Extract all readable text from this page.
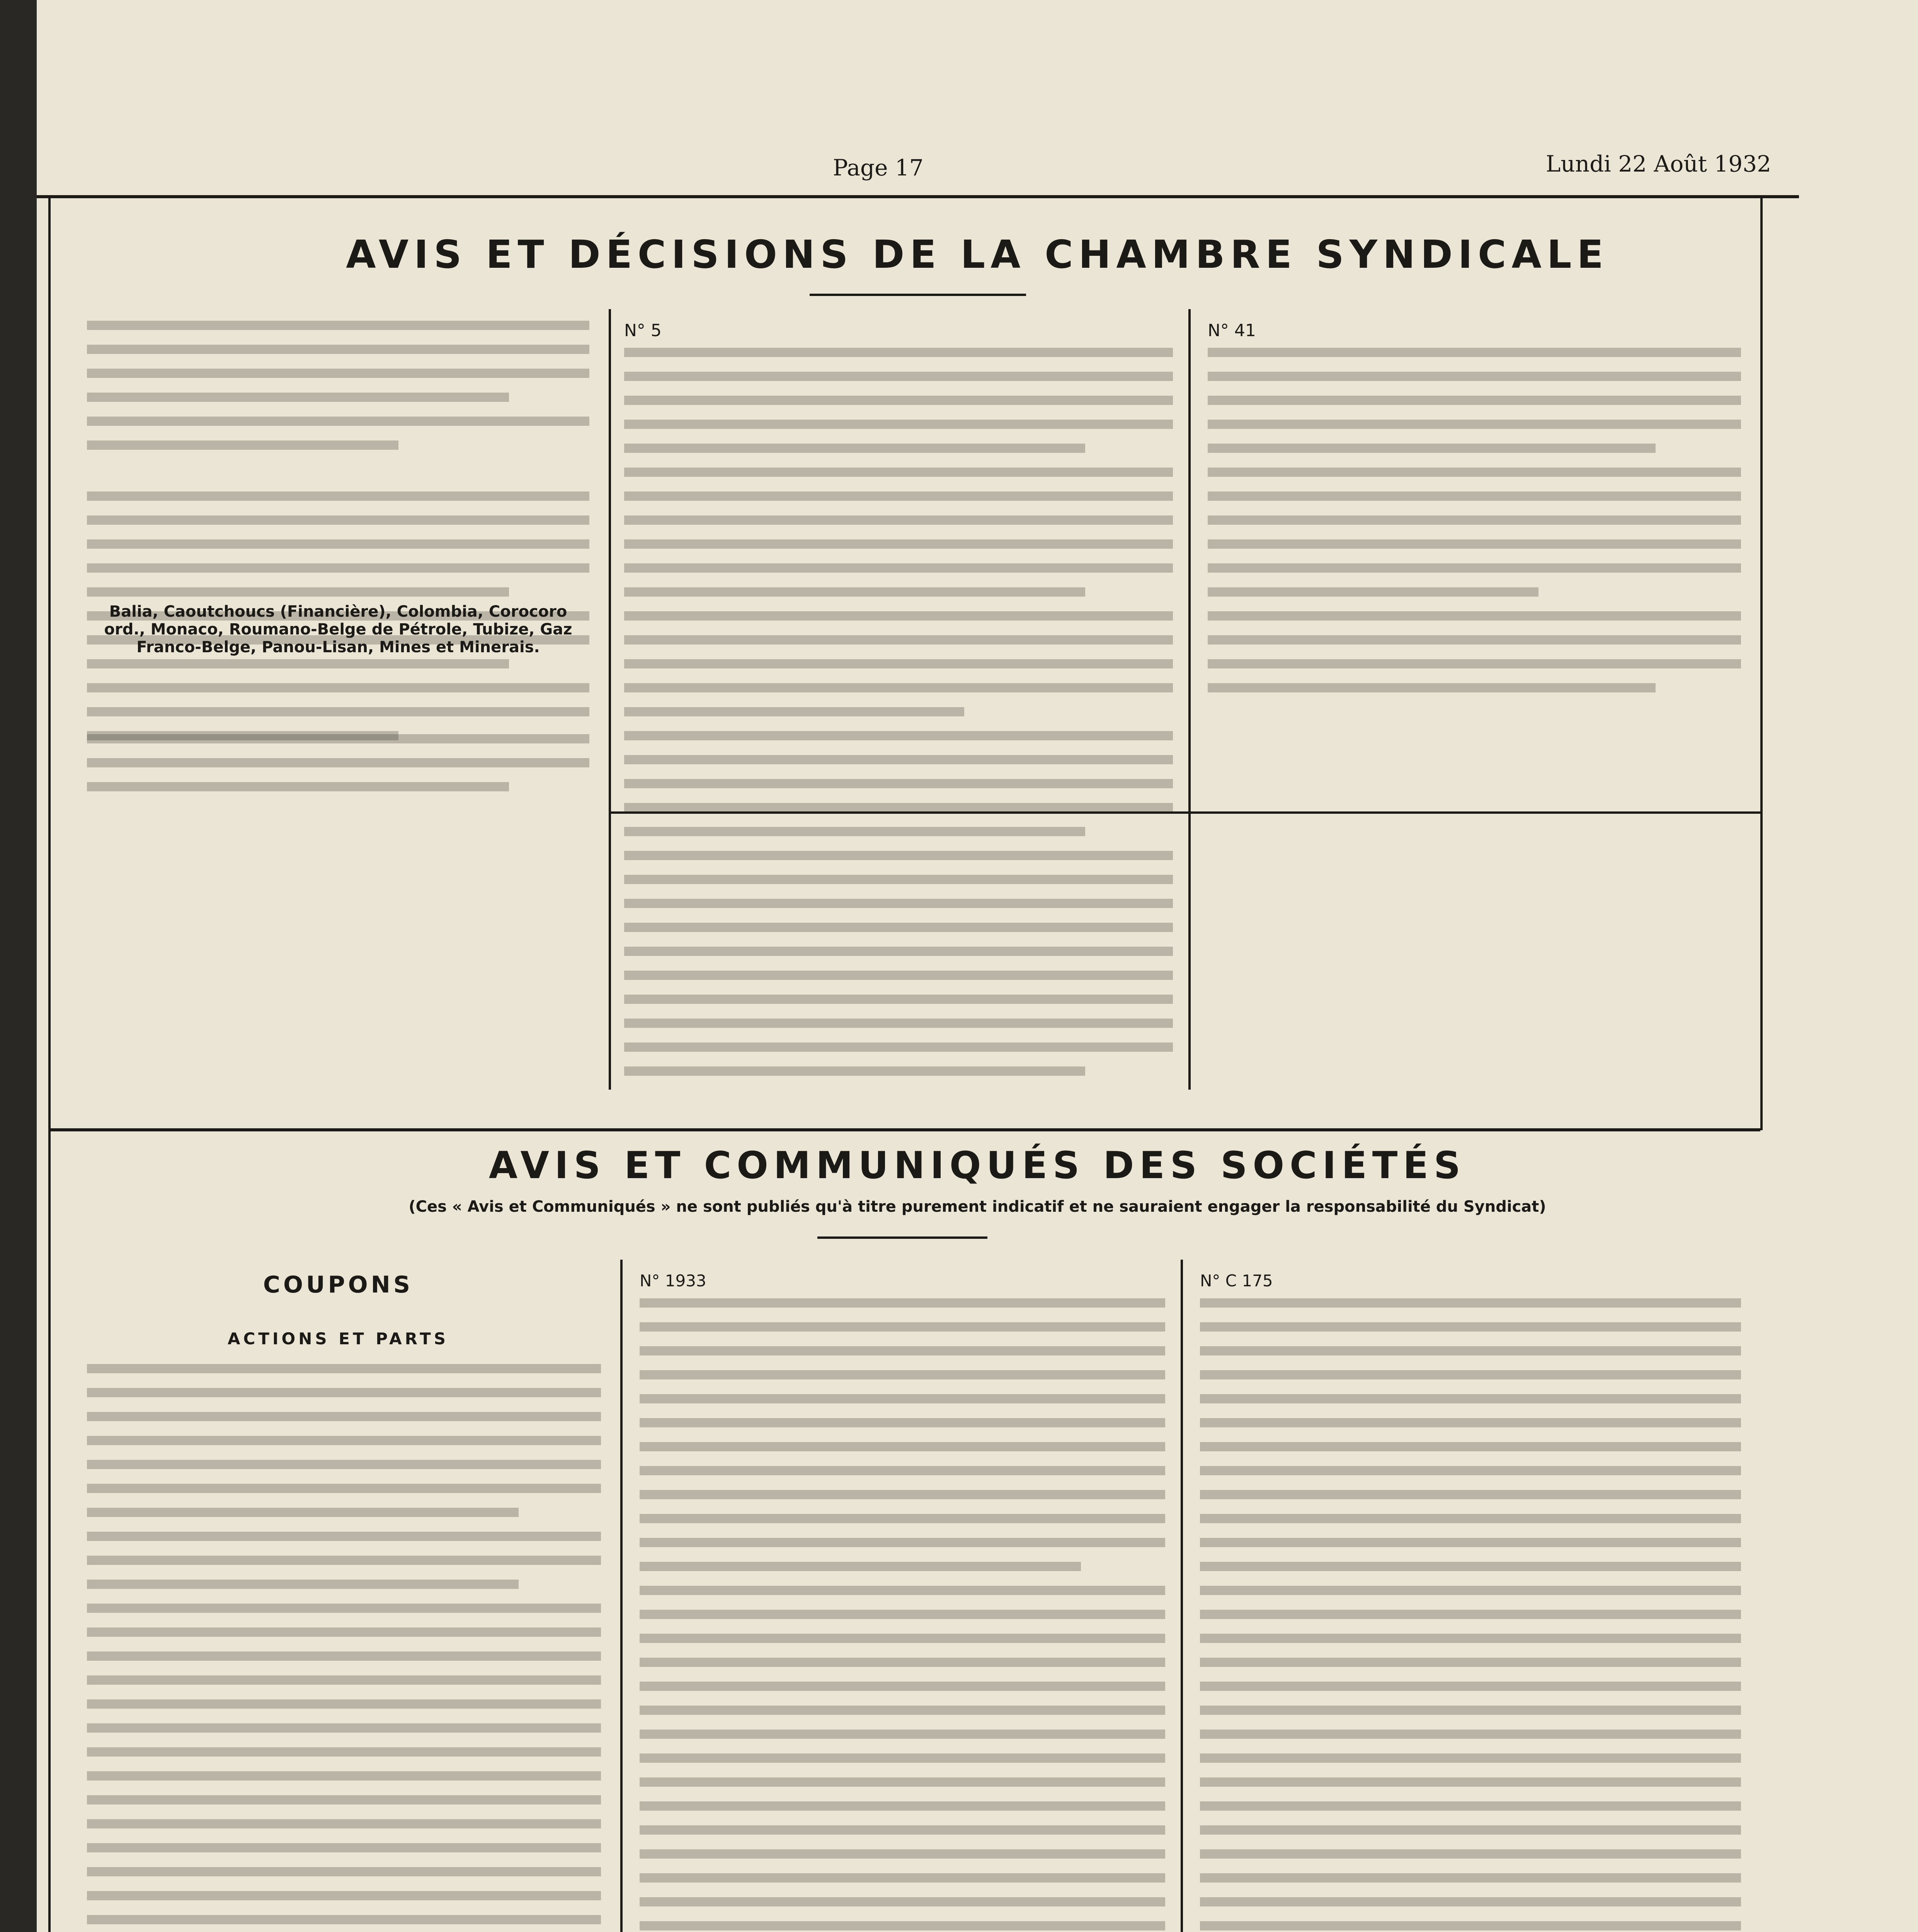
Page 17	Lundi 22 Août 1932
AVIS ET DÉCISIONS DE LA CHAMBRE SYNDICALE
Balia, Caoutchoucs (Financière), Colombia, Corocoro ord., Monaco, Roumano-Belge de Pétrole, Tubize, Gaz Franco-Belge, Panou-Lisan, Mines et Minerais.
N° 5	N° 41
AVIS ET COMMUNIQUÉS DES SOCIÉTÉS
(Ces « Avis et Communiqués » ne sont publiés qu'à titre purement indicatif et ne sauraient engager la responsabilité du Syndicat)
COUPONS
ACTIONS ET PARTS
N° 1933	N° C 175
